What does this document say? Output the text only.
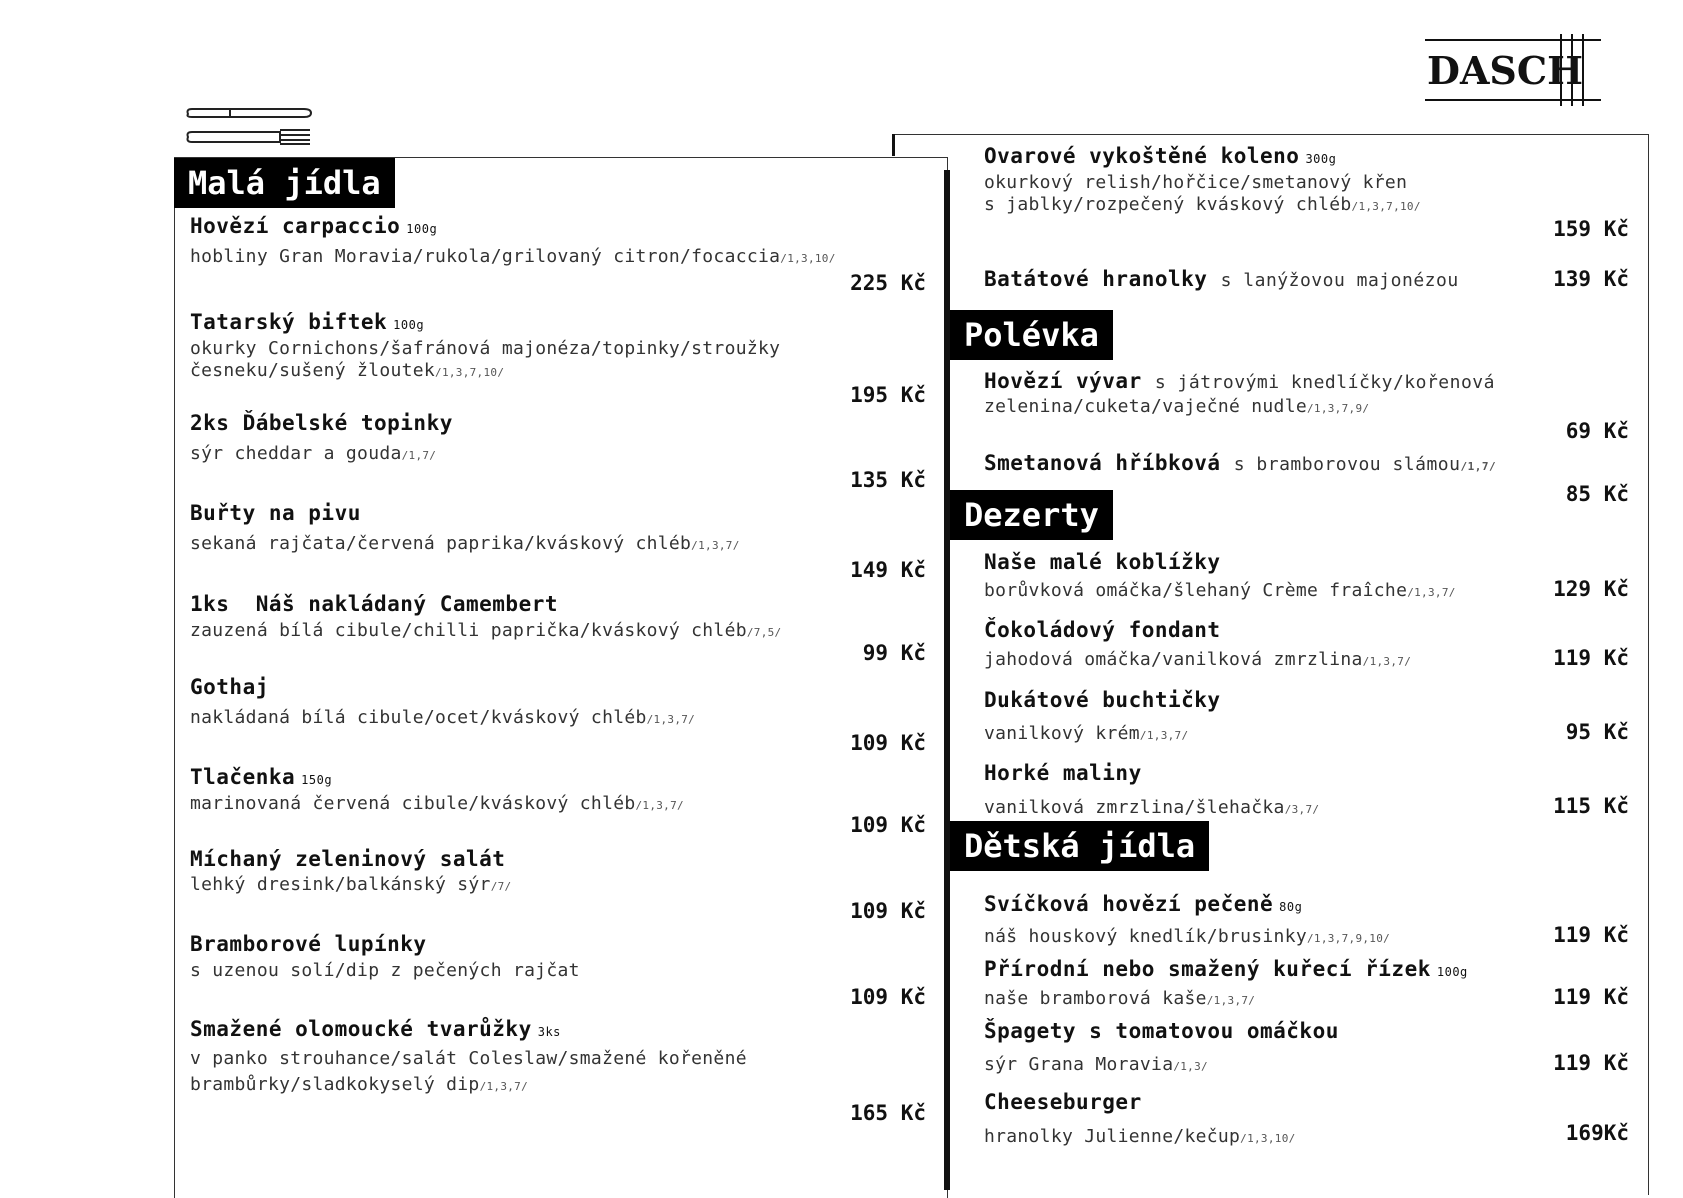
DASCH
Malá jídla
Hovězí carpaccio 100g
hobliny Gran Moravia/rukola/grilovaný citron/focaccia/1,3,10/
225 Kč
Tatarský biftek 100g
okurky Cornichons/šafránová majonéza/topinky/stroužky
česneku/sušený žloutek/1,3,7,10/
195 Kč
2ks Ďábelské topinky
sýr cheddar a gouda/1,7/
135 Kč
Buřty na pivu
sekaná rajčata/červená paprika/kváskový chléb/1,3,7/
149 Kč
1ks  Náš nakládaný Camembert
zauzená bílá cibule/chilli paprička/kváskový chléb/7,5/
99 Kč
Gothaj
nakládaná bílá cibule/ocet/kváskový chléb/1,3,7/
109 Kč
Tlačenka 150g
marinovaná červená cibule/kváskový chléb/1,3,7/
109 Kč
Míchaný zeleninový salát
lehký dresink/balkánský sýr/7/
109 Kč
Bramborové lupínky
s uzenou solí/dip z pečených rajčat
109 Kč
Smažené olomoucké tvarůžky 3ks
v panko strouhance/salát Coleslaw/smažené kořeněné
brambůrky/sladkokyselý dip/1,3,7/
165 Kč
Ovarové vykoštěné koleno 300g
okurkový relish/hořčice/smetanový křen
s jablky/rozpečený kváskový chléb/1,3,7,10/
159 Kč
Batátové hranolky s lanýžovou majonézou	139 Kč
Polévka
Hovězí vývar s játrovými knedlíčky/kořenová
zelenina/cuketa/vaječné nudle/1,3,7,9/
69 Kč
Smetanová hříbková s bramborovou slámou/1,7/
85 Kč
Dezerty
Naše malé koblížky
borůvková omáčka/šlehaný Crème fraîche/1,3,7/	129 Kč
Čokoládový fondant
jahodová omáčka/vanilková zmrzlina/1,3,7/	119 Kč
Dukátové buchtičky
vanilkový krém/1,3,7/	95 Kč
Horké maliny
vanilková zmrzlina/šlehačka/3,7/	115 Kč
Dětská jídla
Svíčková hovězí pečeně 80g
náš houskový knedlík/brusinky/1,3,7,9,10/	119 Kč
Přírodní nebo smažený kuřecí řízek 100g
naše bramborová kaše/1,3,7/	119 Kč
Špagety s tomatovou omáčkou
sýr Grana Moravia/1,3/	119 Kč
Cheeseburger
hranolky Julienne/kečup/1,3,10/	169Kč
